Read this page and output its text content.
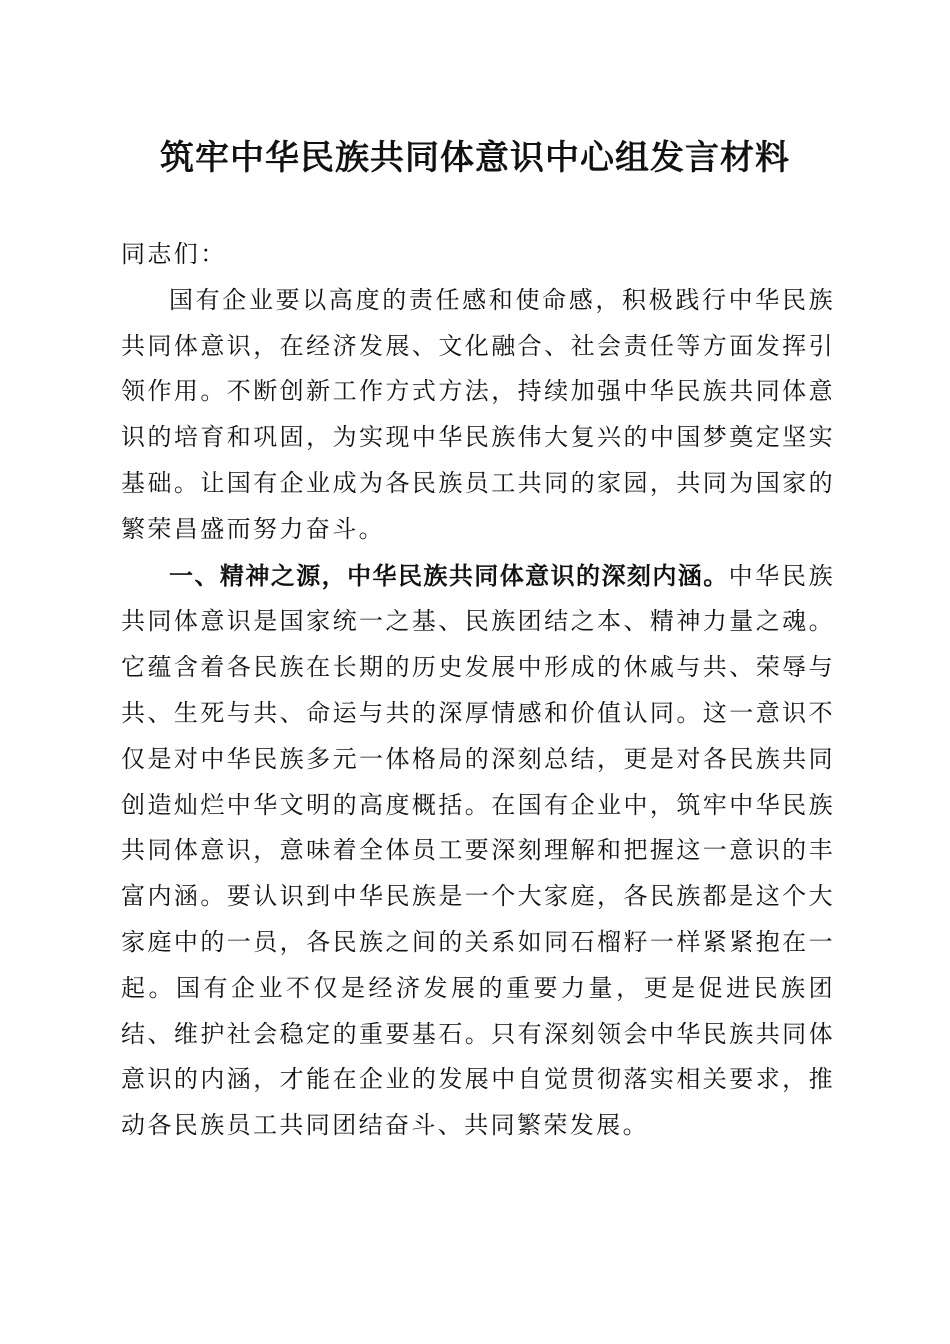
筑牢中华民族共同体意识中心组发言材料

同志们：

国有企业要以高度的责任感和使命感，积极践行中华民族共同体意识，在经济发展、文化融合、社会责任等方面发挥引领作用。不断创新工作方式方法，持续加强中华民族共同体意识的培育和巩固，为实现中华民族伟大复兴的中国梦奠定坚实基础。让国有企业成为各民族员工共同的家园，共同为国家的繁荣昌盛而努力奋斗。

一、精神之源，中华民族共同体意识的深刻内涵。中华民族共同体意识是国家统一之基、民族团结之本、精神力量之魂。它蕴含着各民族在长期的历史发展中形成的休戚与共、荣辱与共、生死与共、命运与共的深厚情感和价值认同。这一意识不仅是对中华民族多元一体格局的深刻总结，更是对各民族共同创造灿烂中华文明的高度概括。在国有企业中，筑牢中华民族共同体意识，意味着全体员工要深刻理解和把握这一意识的丰富内涵。要认识到中华民族是一个大家庭，各民族都是这个大家庭中的一员，各民族之间的关系如同石榴籽一样紧紧抱在一起。国有企业不仅是经济发展的重要力量，更是促进民族团结、维护社会稳定的重要基石。只有深刻领会中华民族共同体意识的内涵，才能在企业的发展中自觉贯彻落实相关要求，推动各民族员工共同团结奋斗、共同繁荣发展。
